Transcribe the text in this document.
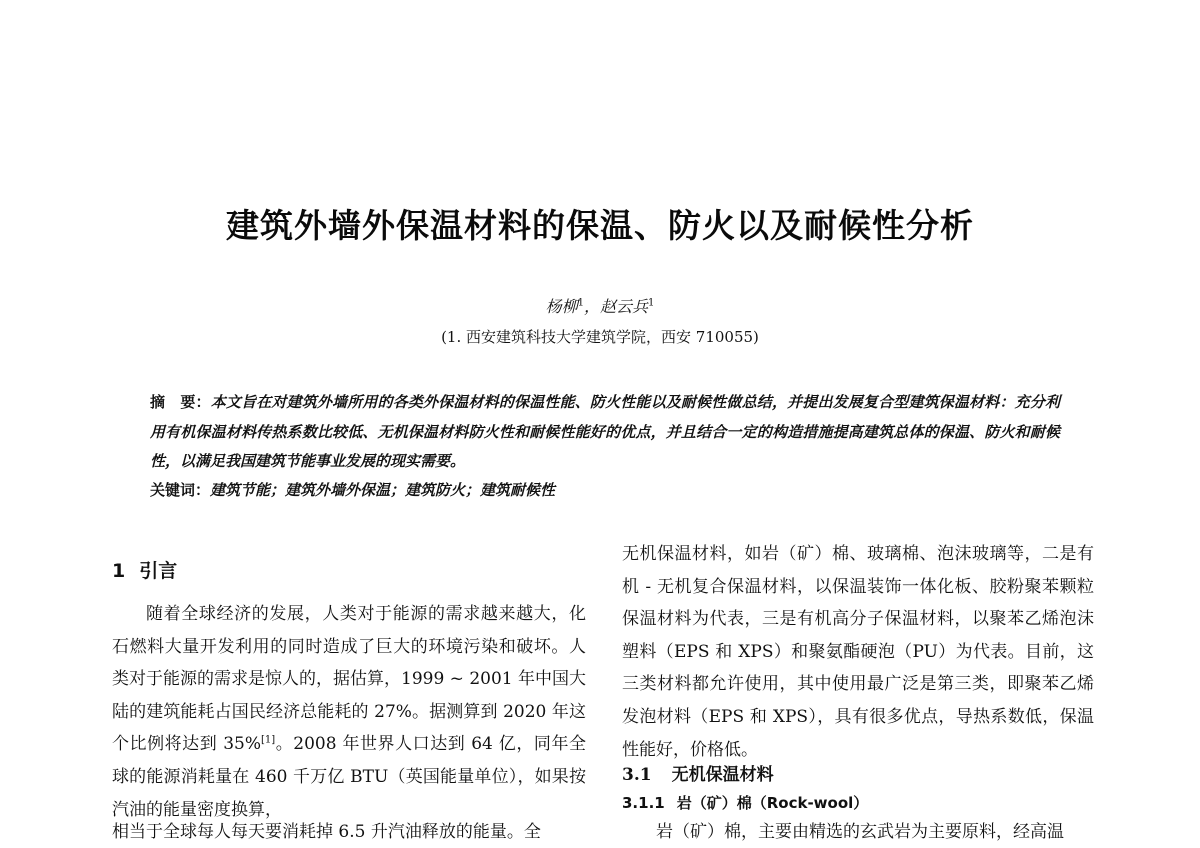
建筑外墙外保温材料的保温、防火以及耐候性分析
杨柳$^1$，赵云兵$^1$
(1. 西安建筑科技大学建筑学院，西安 710055)
摘　要：本文旨在对建筑外墙所用的各类外保温材料的保温性能、防火性能以及耐候性做总结，并提出发展复合型建筑保温材料：充分利用有机保温材料传热系数比较低、无机保温材料防火性和耐候性能好的优点，并且结合一定的构造措施提高建筑总体的保温、防火和耐候性，以满足我国建筑节能事业发展的现实需要。
关键词：建筑节能；建筑外墙外保温；建筑防火；建筑耐候性
1 引言

随着全球经济的发展，人类对于能源的需求越来越大，化石燃料大量开发利用的同时造成了巨大的环境污染和破坏。人类对于能源的需求是惊人的，据估算，1999 ~ 2001 年中国大陆的建筑能耗占国民经济总能耗的 27%。据测算到 2020 年这个比例将达到 35%[1]。2008 年世界人口达到 64 亿，同年全球的能源消耗量在 460 千万亿 BTU（英国能量单位），如果按汽油的能量密度换算，

相当于全球每人每天要消耗掉 6.5 升汽油释放的能量。全

无机保温材料，如岩（矿）棉、玻璃棉、泡沫玻璃等，二是有机 - 无机复合保温材料，以保温装饰一体化板、胶粉聚苯颗粒保温材料为代表，三是有机高分子保温材料，以聚苯乙烯泡沫塑料（EPS 和 XPS）和聚氨酯硬泡（PU）为代表。目前，这三类材料都允许使用，其中使用最广泛是第三类，即聚苯乙烯发泡材料（EPS 和 XPS），具有很多优点，导热系数低，保温性能好，价格低。

3.1 无机保温材料
3.1.1 岩（矿）棉（Rock-wool）
　　岩（矿）棉，主要由精选的玄武岩为主要原料，经高温
